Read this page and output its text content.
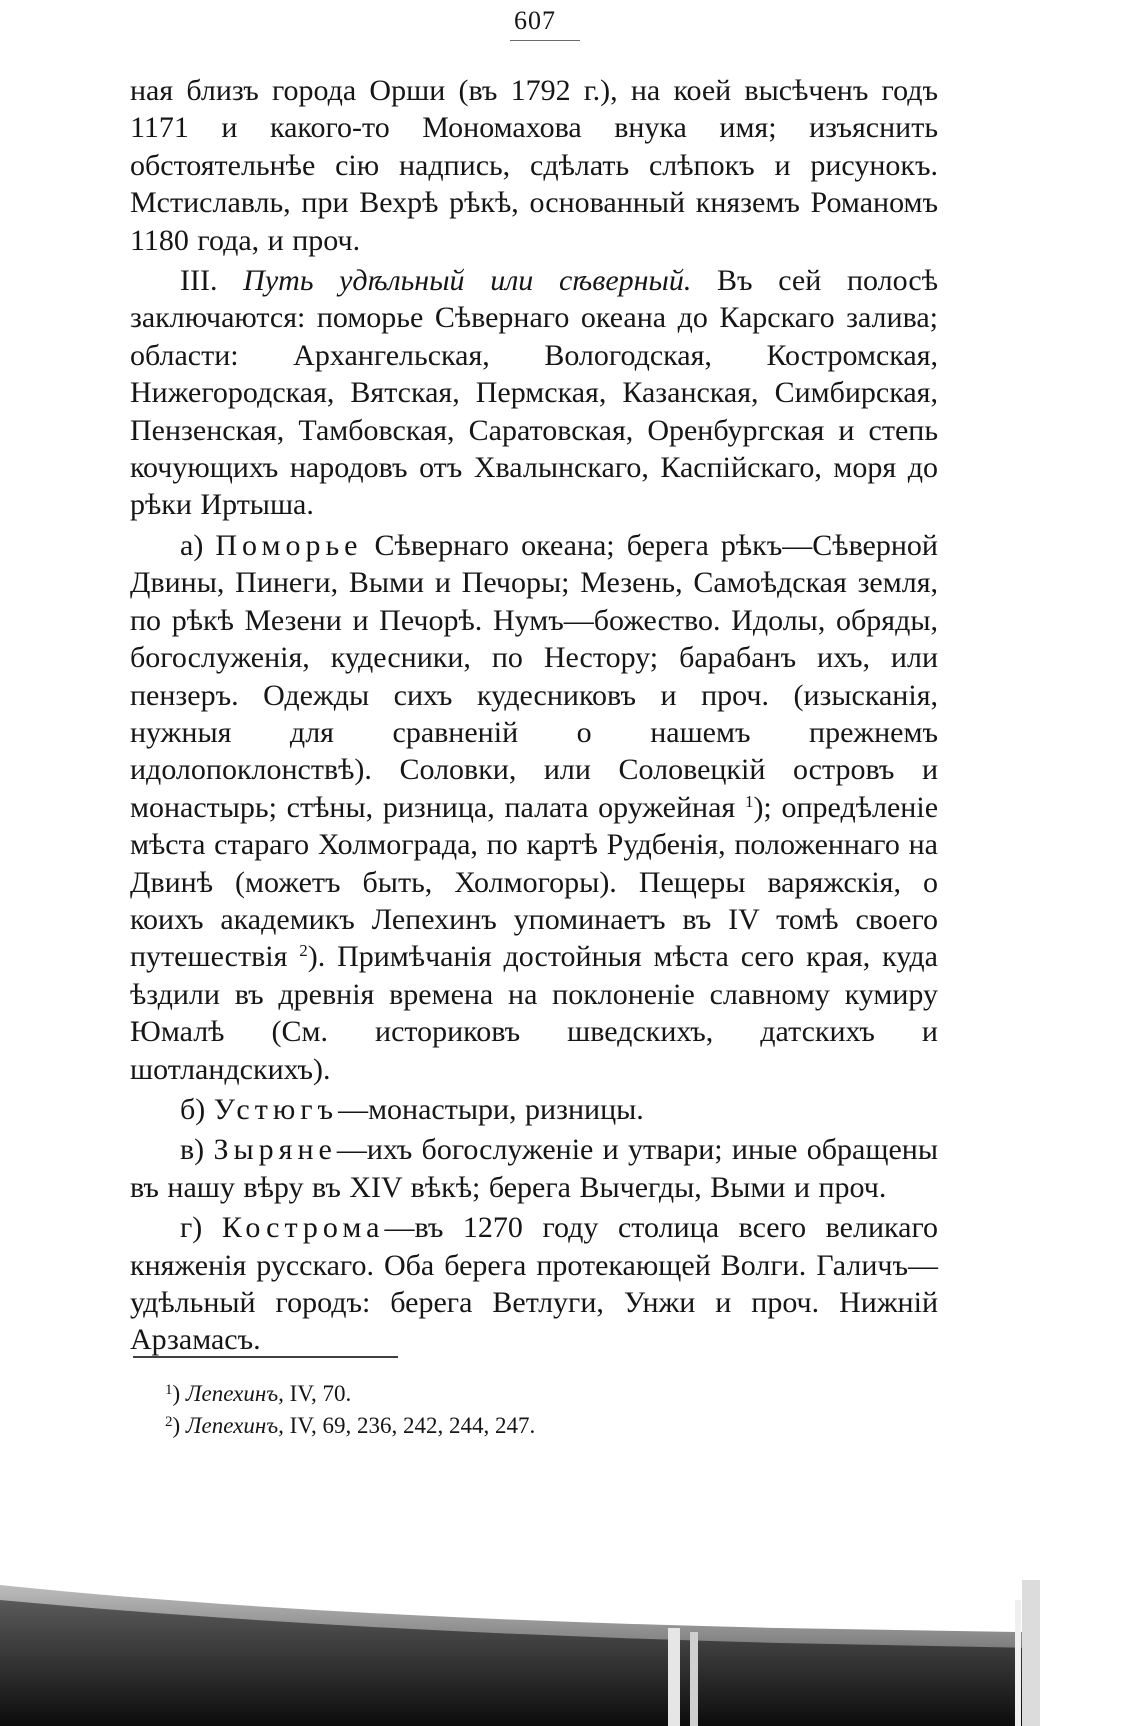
607

ная близъ города Орши (въ 1792 г.), на коей высѣченъ годъ 1171 и какого-то Мономахова внука имя; изъяснить обстоятельнѣе сію надпись, сдѣлать слѣпокъ и рисунокъ. Мстиславль, при Вехрѣ рѣкѣ, основанный княземъ Романомъ 1180 года, и проч.

III. Путь удѣльный или сѣверный. Въ сей полосѣ заключаются: поморье Сѣвернаго океана до Карскаго залива; области: Архангельская, Вологодская, Костромская, Нижегородская, Вятская, Пермская, Казанская, Симбирская, Пензенская, Тамбовская, Саратовская, Оренбургская и степь кочующихъ народовъ отъ Хвалынскаго, Каспійскаго, моря до рѣки Иртыша.

а) Поморье Сѣвернаго океана; берега рѣкъ—Сѣверной Двины, Пинеги, Выми и Печоры; Мезень, Самоѣдская земля, по рѣкѣ Мезени и Печорѣ. Нумъ—божество. Идолы, обряды, богослуженія, кудесники, по Нестору; барабанъ ихъ, или пензеръ. Одежды сихъ кудесниковъ и проч. (изысканія, нужныя для сравненій о нашемъ прежнемъ идолопоклонствѣ). Соловки, или Соловецкій островъ и монастырь; стѣны, ризница, палата оружейная $^1$); опредѣленіе мѣста стараго Холмограда, по картѣ Рудбенія, положеннаго на Двинѣ (можетъ быть, Холмогоры). Пещеры варяжскія, о коихъ академикъ Лепехинъ упоминаетъ въ IV томѣ своего путешествія $^2$). Примѣчанія достойныя мѣста сего края, куда ѣздили въ древнія времена на поклоненіе славному кумиру Юмалѣ (См. историковъ шведскихъ, датскихъ и шотландскихъ).

б) Устюгъ—монастыри, ризницы.

в) Зыряне—ихъ богослуженіе и утвари; иные обращены въ нашу вѣру въ XIV вѣкѣ; берега Вычегды, Выми и проч.

г) Кострома—въ 1270 году столица всего великаго княженія русскаго. Оба берега протекающей Волги. Галичъ—удѣльный городъ: берега Ветлуги, Унжи и проч. Нижній Арзамасъ.

$^1$) Лепехинъ, IV, 70.

$^2$) Лепехинъ, IV, 69, 236, 242, 244, 247.
